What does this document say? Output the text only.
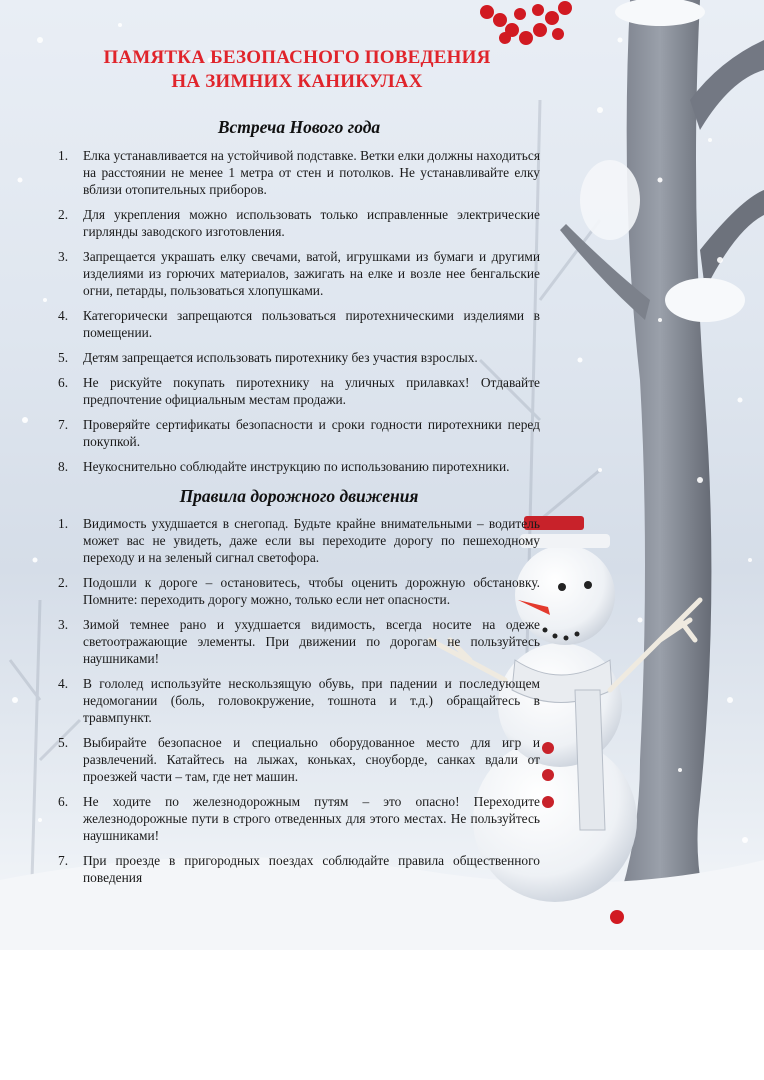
ПАМЯТКА БЕЗОПАСНОГО ПОВЕДЕНИЯ
НА ЗИМНИХ КАНИКУЛАХ
Встреча Нового года
1. Елка устанавливается на устойчивой подставке. Ветки елки должны находиться на расстоянии не менее 1 метра от стен и потолков. Не устанавливайте елку вблизи отопительных приборов.
2. Для укрепления можно использовать только исправленные электрические гирлянды заводского изготовления.
3. Запрещается украшать елку свечами, ватой, игрушками из бумаги и другими изделиями из горючих материалов, зажигать на елке и возле нее бенгальские огни, петарды, пользоваться хлопушками.
4. Категорически запрещаются пользоваться пиротехническими изделиями в помещении.
5. Детям запрещается использовать пиротехнику без участия взрослых.
6. Не рискуйте покупать пиротехнику на уличных прилавках! Отдавайте предпочтение официальным местам продажи.
7. Проверяйте сертификаты безопасности и сроки годности пиротехники перед покупкой.
8. Неукоснительно соблюдайте инструкцию по использованию пиротехники.
Правила дорожного движения
1. Видимость ухудшается в снегопад. Будьте крайне внимательными – водитель может вас не увидеть, даже если вы переходите дорогу по пешеходному переходу и на зеленый сигнал светофора.
2. Подошли к дороге – остановитесь, чтобы оценить дорожную обстановку. Помните: переходить дорогу можно, только если нет опасности.
3. Зимой темнее рано и ухудшается видимость, всегда носите на одеже светоотражающие элементы. При движении по дорогам не пользуйтесь наушниками!
4. В гололед используйте нескользящую обувь, при падении и последующем недомогании (боль, головокружение, тошнота и т.д.) обращайтесь в травмпункт.
5. Выбирайте безопасное и специально оборудованное место для игр и развлечений. Катайтесь на лыжах, коньках, сноуборде, санках вдали от проезжей части – там, где нет машин.
6. Не ходите по железнодорожным путям – это опасно! Переходите железнодорожные пути в строго отведенных для этого местах. Не пользуйтесь наушниками!
7. При проезде в пригородных поездах соблюдайте правила общественного поведения
